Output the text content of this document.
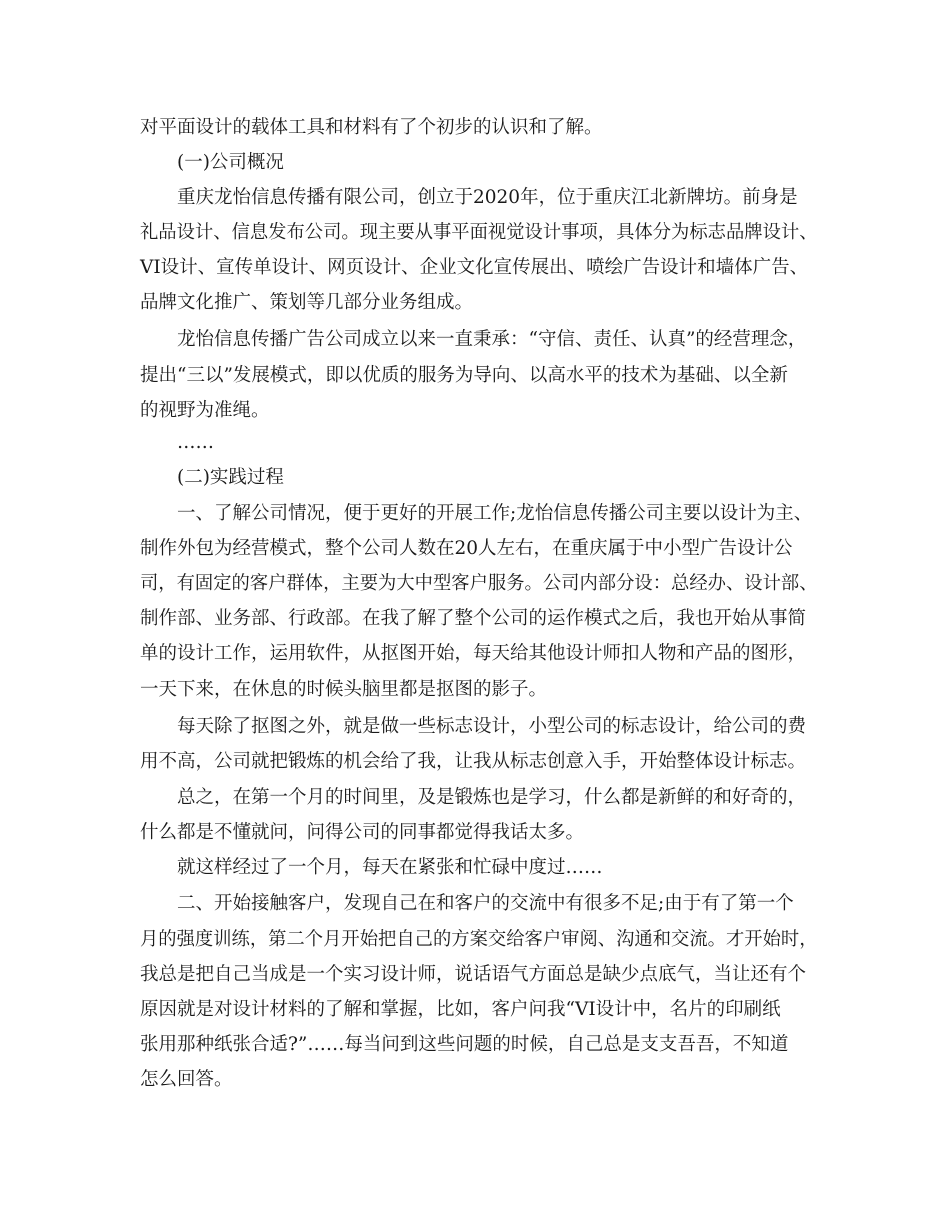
对平面设计的载体工具和材料有了个初步的认识和了解。
(一)公司概况
重庆龙怡信息传播有限公司，创立于2020年，位于重庆江北新牌坊。前身是
礼品设计、信息发布公司。现主要从事平面视觉设计事项，具体分为标志品牌设计、
VI设计、宣传单设计、网页设计、企业文化宣传展出、喷绘广告设计和墙体广告、
品牌文化推广、策划等几部分业务组成。
龙怡信息传播广告公司成立以来一直秉承：“守信、责任、认真”的经营理念，
提出“三以”发展模式，即以优质的服务为导向、以高水平的技术为基础、以全新
的视野为准绳。
……
(二)实践过程
一、了解公司情况，便于更好的开展工作;龙怡信息传播公司主要以设计为主、
制作外包为经营模式，整个公司人数在20人左右，在重庆属于中小型广告设计公
司，有固定的客户群体，主要为大中型客户服务。公司内部分设：总经办、设计部、
制作部、业务部、行政部。在我了解了整个公司的运作模式之后，我也开始从事简
单的设计工作，运用软件，从抠图开始，每天给其他设计师扣人物和产品的图形，
一天下来，在休息的时候头脑里都是抠图的影子。
每天除了抠图之外，就是做一些标志设计，小型公司的标志设计，给公司的费
用不高，公司就把锻炼的机会给了我，让我从标志创意入手，开始整体设计标志。
总之，在第一个月的时间里，及是锻炼也是学习，什么都是新鲜的和好奇的，
什么都是不懂就问，问得公司的同事都觉得我话太多。
就这样经过了一个月，每天在紧张和忙碌中度过……
二、开始接触客户，发现自己在和客户的交流中有很多不足;由于有了第一个
月的强度训练，第二个月开始把自己的方案交给客户审阅、沟通和交流。才开始时，
我总是把自己当成是一个实习设计师，说话语气方面总是缺少点底气，当让还有个
原因就是对设计材料的了解和掌握，比如，客户问我“VI设计中，名片的印刷纸
张用那种纸张合适?”……每当问到这些问题的时候，自己总是支支吾吾，不知道
怎么回答。
